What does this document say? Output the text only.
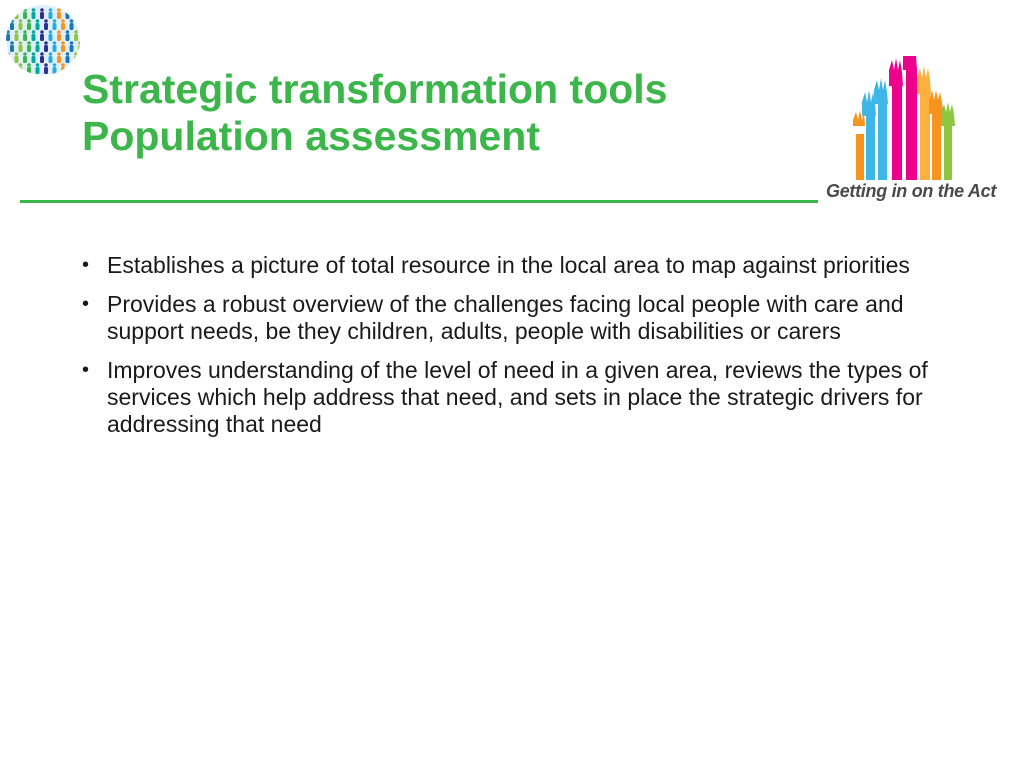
Strategic transformation tools
Population assessment
Getting in on the Act
• Establishes a picture of total resource in the local area to map against priorities
• Provides a robust overview of the challenges facing local people with care and support needs, be they children, adults, people with disabilities or carers
• Improves understanding of the level of need in a given area, reviews the types of services which help address that need, and sets in place the strategic drivers for addressing that need
